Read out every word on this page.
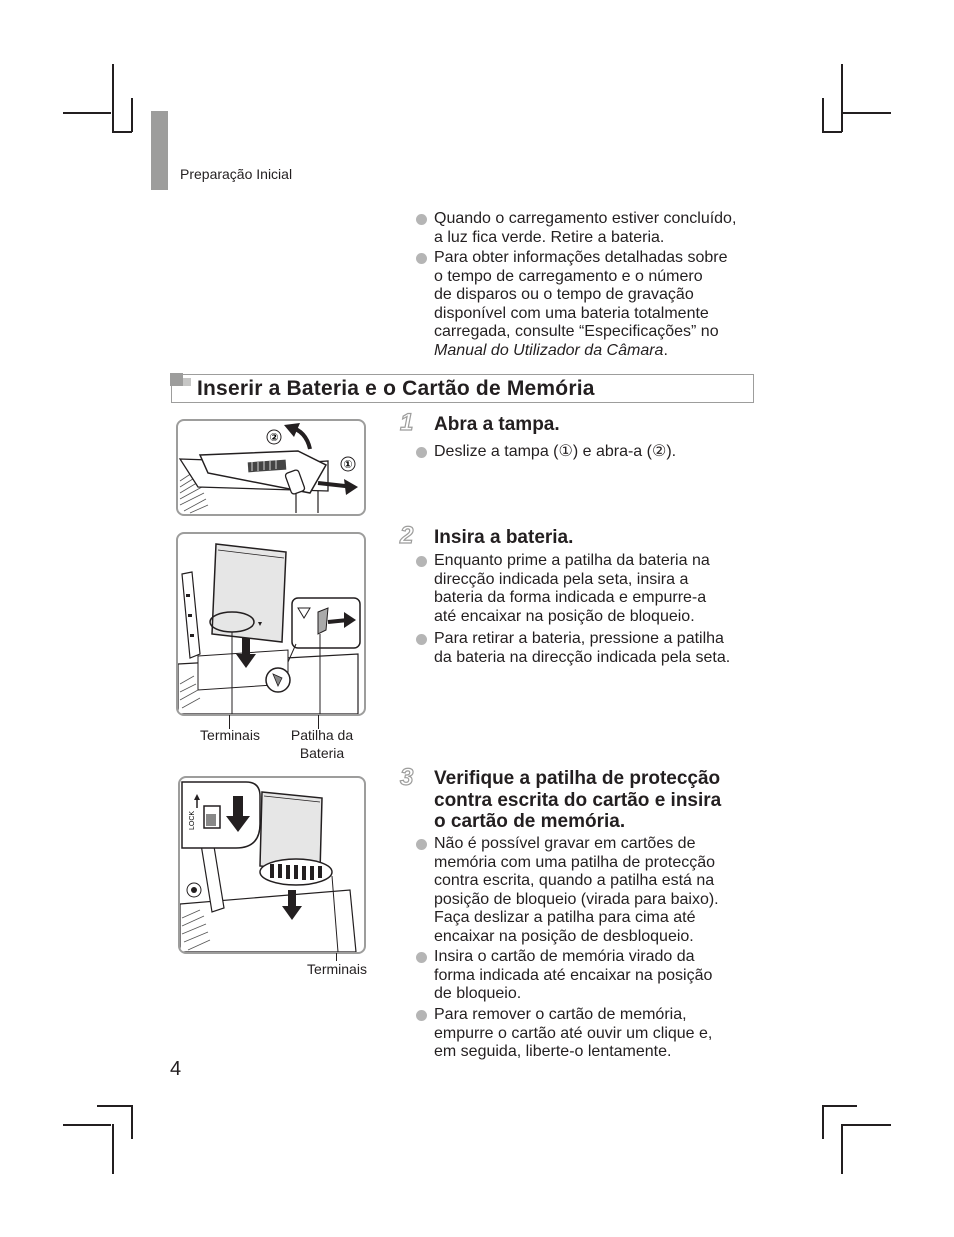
Preparação Inicial
Quando o carregamento estiver concluído,
a luz fica verde. Retire a bateria.
Para obter informações detalhadas sobre
o tempo de carregamento e o número
de disparos ou o tempo de gravação
disponível com uma bateria totalmente
carregada, consulte “Especificações” no
Manual do Utilizador da Câmara.
Inserir a Bateria e o Cartão de Memória
1 Abra a tampa.
Deslize a tampa (①) e abra-a (②).
②
①
2 Insira a bateria.
Enquanto prime a patilha da bateria na
direcção indicada pela seta, insira a
bateria da forma indicada e empurre-a
até encaixar na posição de bloqueio.
Para retirar a bateria, pressione a patilha
da bateria na direcção indicada pela seta.
Terminais	Patilha da
Bateria
3 Verifique a patilha de protecção
contra escrita do cartão e insira
o cartão de memória.
Não é possível gravar em cartões de
memória com uma patilha de protecção
contra escrita, quando a patilha está na
posição de bloqueio (virada para baixo).
Faça deslizar a patilha para cima até
encaixar na posição de desbloqueio.
Insira o cartão de memória virado da
forma indicada até encaixar na posição
de bloqueio.
Para remover o cartão de memória,
empurre o cartão até ouvir um clique e,
em seguida, liberte-o lentamente.
LOCK
Terminais
4
